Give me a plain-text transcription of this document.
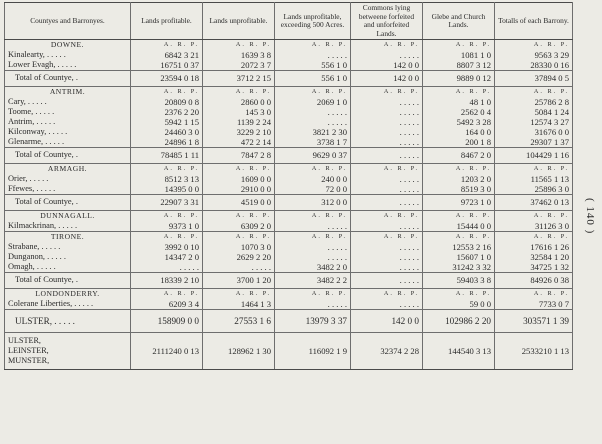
Countyes and Barronyes.	Lands profitable.	Lands unprofitable.	Lands unprofitable, exceeding 500 Acres.	Commons lying betweene forfeited and unforfeited Lands.	Glebe and Church Lands.	Totalls of each Barrony.
DOWNE.	A. R. P.	A. R. P.	A. R. P.	A. R. P.	A. R. P.	A. R. P.
Kinalearty, . . . . .	6842 3 21	1639 3 8	. . . . .	. . . . .	1081 1 0	9563 3 29
Lower Evagh, . . . . .	16751 0 37	2072 3 7	556 1 0	142 0 0	8807 3 12	28330 0 16
Total of Countye, .	23594 0 18	3712 2 15	556 1 0	142 0 0	9889 0 12	37894 0 5
ANTRIM.	A. R. P.	A. R. P.	A. R. P.	A. R. P.	A. R. P.	A. R. P.
Cary, . . . . .	20809 0 8	2860 0 0	2069 1 0	. . . . .	48 1 0	25786 2 8
Toome, . . . . .	2376 2 20	145 3 0	. . . . .	. . . . .	2562 0 4	5084 1 24
Antrim, . . . . .	5942 1 15	1139 2 24	. . . . .	. . . . .	5492 3 28	12574 3 27
Kilconway, . . . . .	24460 3 0	3229 2 10	3821 2 30	. . . . .	164 0 0	31676 0 0
Glenarme, . . . . .	24896 1 8	472 2 14	3738 1 7	. . . . .	200 1 8	29307 1 37
Total of Countye, .	78485 1 11	7847 2 8	9629 0 37	. . . . .	8467 2 0	104429 1 16
ARMAGH.	A. R. P.	A. R. P.	A. R. P.	A. R. P.	A. R. P.	A. R. P.
Orier, . . . . .	8512 3 13	1609 0 0	240 0 0	. . . . .	1203 2 0	11565 1 13
Ffewes, . . . . .	14395 0 0	2910 0 0	72 0 0	. . . . .	8519 3 0	25896 3 0
Total of Countye, .	22907 3 31	4519 0 0	312 0 0	. . . . .	9723 1 0	37462 0 13
DUNNAGALL.	A. R. P.	A. R. P.	A. R. P.	A. R. P.	A. R. P.	A. R. P.
Kilmackrinan, . . . . .	9373 1 0	6309 2 0	. . . . .	. . . . .	15444 0 0	31126 3 0
TIRONE.	A. R. P.	A. R. P.	A. R. P.	A. R. P.	A. R. P.	A. R. P.
Strabane, . . . . .	3992 0 10	1070 3 0	. . . . .	. . . . .	12553 2 16	17616 1 26
Dunganon, . . . . .	14347 2 0	2629 2 20	. . . . .	. . . . .	15607 1 0	32584 1 20
Omagh, . . . . .	. . . . .	. . . . .	3482 2 0	. . . . .	31242 3 32	34725 1 32
Total of Countye, .	18339 2 10	3700 1 20	3482 2 2	. . . . .	59403 3 8	84926 0 38
LONDONDERRY.	A. R. P.	A. R. P.	A. R. P.	A. R. P.	A. R. P.	A. R. P.
Colerane Liberties, . . . . .	6209 3 4	1464 1 3	. . . . .	. . . . .	59 0 0	7733 0 7
ULSTER, . . . . .	158909 0 0	27553 1 6	13979 3 37	142 0 0	102986 2 20	303571 1 39

ULSTER,
LEINSTER,
MUNSTER,	2111240 0 13	128962 1 30	116092 1 9	32374 2 28	144540 3 13	2533210 1 13
( 140 )
